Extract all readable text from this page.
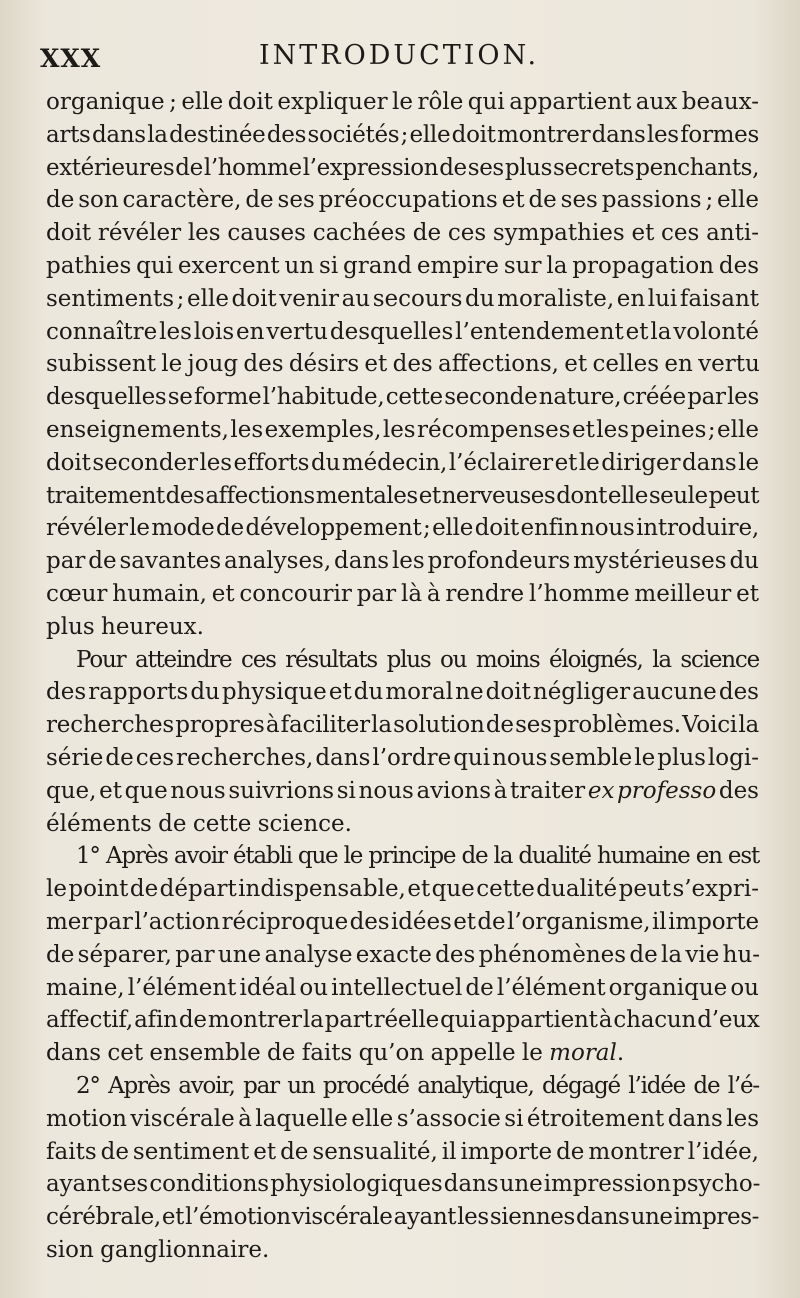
XXX	INTRODUCTION.

organique ; elle doit expliquer le rôle qui appartient aux beaux-
arts dans la destinée des sociétés ; elle doit montrer dans les formes
extérieures de l’homme l’expression de ses plus secrets penchants,
de son caractère, de ses préoccupations et de ses passions ; elle
doit révéler les causes cachées de ces sympathies et ces anti-
pathies qui exercent un si grand empire sur la propagation des
sentiments ; elle doit venir au secours du moraliste, en lui faisant
connaître les lois en vertu desquelles l’entendement et la volonté
subissent le joug des désirs et des affections, et celles en vertu
desquelles se forme l’habitude, cette seconde nature, créée par les
enseignements, les exemples, les récompenses et les peines ; elle
doit seconder les efforts du médecin, l’éclairer et le diriger dans le
traitement des affections mentales et nerveuses dont elle seule peut
révéler le mode de développement ; elle doit enfin nous introduire,
par de savantes analyses, dans les profondeurs mystérieuses du
cœur humain, et concourir par là à rendre l’homme meilleur et
plus heureux.

Pour atteindre ces résultats plus ou moins éloignés, la science
des rapports du physique et du moral ne doit négliger aucune des
recherches propres à faciliter la solution de ses problèmes. Voici la
série de ces recherches, dans l’ordre qui nous semble le plus logi-
que, et que nous suivrions si nous avions à traiter ex professo des
éléments de cette science.

1° Après avoir établi que le principe de la dualité humaine en est
le point de départ indispensable, et que cette dualité peut s’expri-
mer par l’action réciproque des idées et de l’organisme, il importe
de séparer, par une analyse exacte des phénomènes de la vie hu-
maine, l’élément idéal ou intellectuel de l’élément organique ou
affectif, afin de montrer la part réelle qui appartient à chacun d’eux
dans cet ensemble de faits qu’on appelle le moral.

2° Après avoir, par un procédé analytique, dégagé l’idée de l’é-
motion viscérale à laquelle elle s’associe si étroitement dans les
faits de sentiment et de sensualité, il importe de montrer l’idée,
ayant ses conditions physiologiques dans une impression psycho-
cérébrale, et l’émotion viscérale ayant les siennes dans une impres-
sion ganglionnaire.
